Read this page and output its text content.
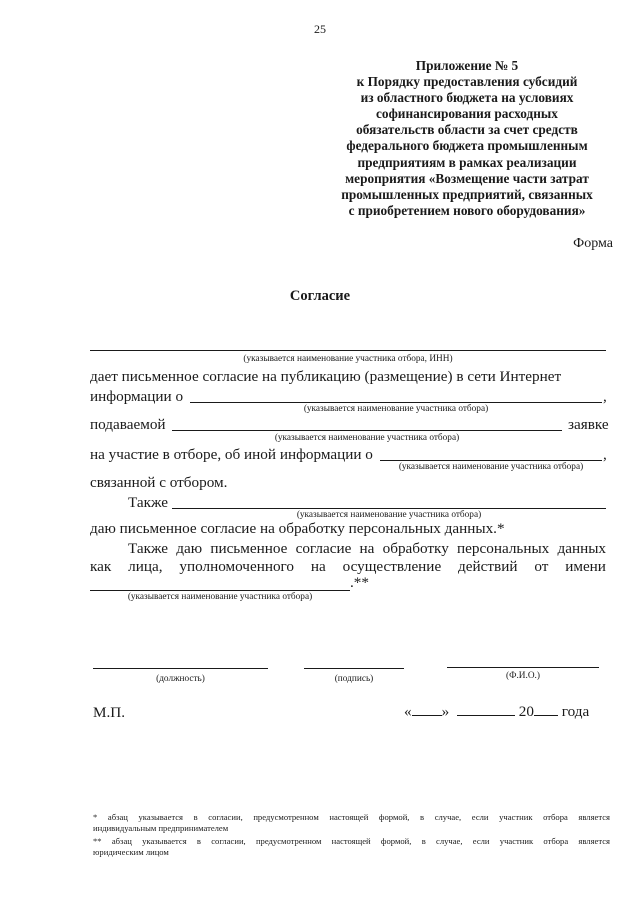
25
Приложение № 5
к Порядку предоставления субсидий
из областного бюджета на условиях
софинансирования расходных
обязательств области за счет средств
федерального бюджета промышленным
предприятиям в рамках реализации
мероприятия «Возмещение части затрат
промышленных предприятий, связанных
с приобретением нового оборудования»
Форма
Согласие
(указывается наименование участника отбора, ИНН)
дает письменное согласие на публикацию (размещение) в сети Интернет
информации о	,
(указывается наименование участника отбора)
подаваемой	заявке
(указывается наименование участника отбора)
на участие в отборе, об иной информации о	,
(указывается наименование участника отбора)
связанной с отбором.
Также
(указывается наименование участника отбора)
даю письменное согласие на обработку персональных данных.*
Также даю письменное согласие на обработку персональных данных
как лица, уполномоченного на осуществление действий от имени
.**
(указывается наименование участника отбора)
(должность)	(подпись)	(Ф.И.О.)
М.П.	« »	20 года
* абзац указывается в согласии, предусмотренном настоящей формой, в случае, если участник отбора является
индивидуальным предпринимателем
** абзац указывается в согласии, предусмотренном настоящей формой, в случае, если участник отбора является
юридическим лицом
